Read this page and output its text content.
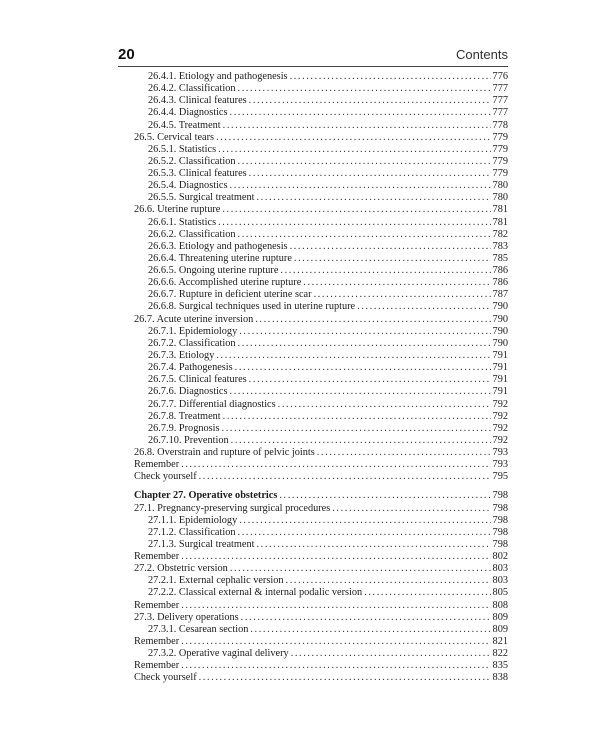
20	Contents
26.4.1. Etiology and pathogenesis .....	776
26.4.2. Classification .....	777
26.4.3. Clinical features .....	777
26.4.4. Diagnostics .....	777
26.4.5. Treatment .....	778
26.5. Cervical tears .....	779
26.5.1. Statistics .....	779
26.5.2. Classification .....	779
26.5.3. Clinical features .....	779
26.5.4. Diagnostics .....	780
26.5.5. Surgical treatment .....	780
26.6. Uterine rupture .....	781
26.6.1. Statistics .....	781
26.6.2. Classification .....	782
26.6.3. Etiology and pathogenesis .....	783
26.6.4. Threatening uterine rupture .....	785
26.6.5. Ongoing uterine rupture .....	786
26.6.6. Accomplished uterine rupture .....	786
26.6.7. Rupture in deficient uterine scar .....	787
26.6.8. Surgical techniques used in uterine rupture .....	790
26.7. Acute uterine inversion .....	790
26.7.1. Epidemiology .....	790
26.7.2. Classification .....	790
26.7.3. Etiology .....	791
26.7.4. Pathogenesis .....	791
26.7.5. Clinical features .....	791
26.7.6. Diagnostics .....	791
26.7.7. Differential diagnostics .....	792
26.7.8. Treatment .....	792
26.7.9. Prognosis .....	792
26.7.10. Prevention .....	792
26.8. Overstrain and rupture of pelvic joints .....	793
Remember .....	793
Check yourself .....	795
Chapter 27. Operative obstetrics .....	798
27.1. Pregnancy-preserving surgical procedures .....	798
27.1.1. Epidemiology .....	798
27.1.2. Classification .....	798
27.1.3. Surgical treatment .....	798
Remember .....	802
27.2. Obstetric version .....	803
27.2.1. External cephalic version .....	803
27.2.2. Classical external & internal podalic version .....	805
Remember .....	808
27.3. Delivery operations .....	809
27.3.1. Cesarean section .....	809
Remember .....	821
27.3.2. Operative vaginal delivery .....	822
Remember .....	835
Check yourself .....	838
